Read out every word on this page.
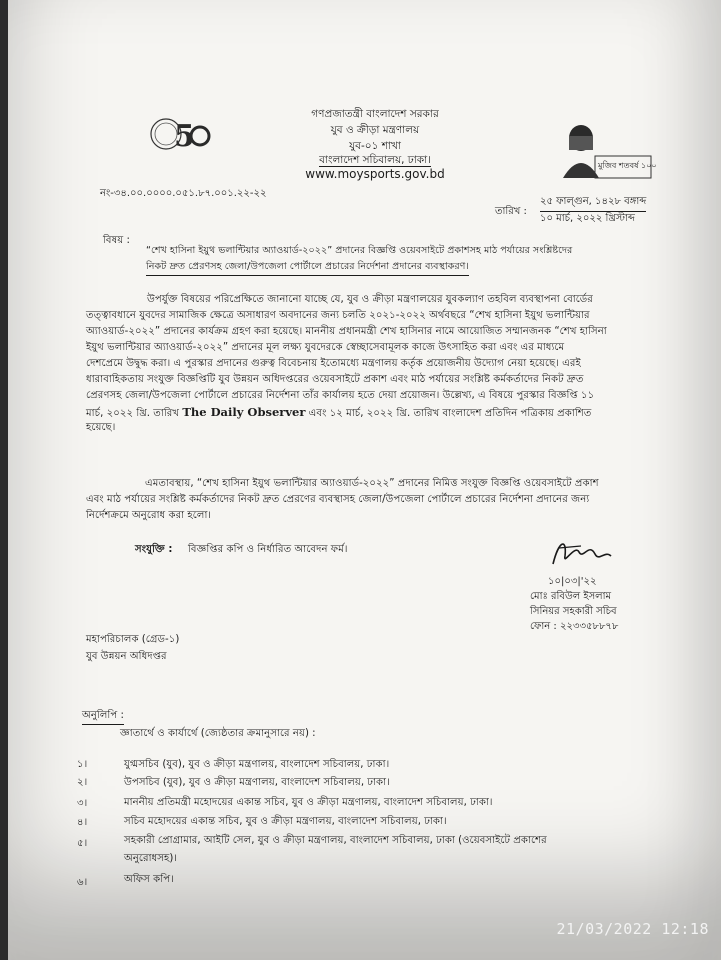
5
মুজিব শতবর্ষ ১০০
গণপ্রজাতন্ত্রী বাংলাদেশ সরকার
যুব ও ক্রীড়া মন্ত্রণালয়
যুব-০১ শাখা
বাংলাদেশ সচিবালয়, ঢাকা।
www.moysports.gov.bd
নং-৩৪.০০.০০০০.০৫১.৮৭.০০১.২২-২২
তারিখ :
২৫ ফাল্গুন, ১৪২৮ বঙ্গাব্দ
১০ মার্চ, ২০২২ খ্রিস্টাব্দ
বিষয় :
“শেখ হাসিনা ইয়ুথ ভলান্টিয়ার অ্যাওয়ার্ড-২০২২” প্রদানের বিজ্ঞপ্তি ওয়েবসাইটে প্রকাশসহ মাঠ পর্যায়ের সংশ্লিষ্টদের
নিকট দ্রুত প্রেরণসহ জেলা/উপজেলা পোর্টালে প্রচারের নির্দেশনা প্রদানের ব্যবস্থাকরণ।
উপর্যুক্ত বিষয়ের পরিপ্রেক্ষিতে জানানো যাচ্ছে যে, যুব ও ক্রীড়া মন্ত্রণালয়ের যুবকল্যাণ তহবিল ব্যবস্থাপনা বোর্ডের
তত্ত্বাবধানে যুবদের সামাজিক ক্ষেত্রে অসাধারণ অবদানের জন্য চলতি ২০২১-২০২২ অর্থবছরে “শেখ হাসিনা ইয়ুথ ভলান্টিয়ার
অ্যাওয়ার্ড-২০২২” প্রদানের কার্যক্রম গ্রহণ করা হয়েছে। মাননীয় প্রধানমন্ত্রী শেখ হাসিনার নামে আয়োজিত সম্মানজনক “শেখ হাসিনা
ইয়ুথ ভলান্টিয়ার অ্যাওয়ার্ড-২০২২” প্রদানের মূল লক্ষ্য যুবদেরকে স্বেচ্ছাসেবামূলক কাজে উৎসাহিত করা এবং এর মাধ্যমে
দেশপ্রেমে উদ্বুদ্ধ করা। এ পুরস্কার প্রদানের গুরুত্ব বিবেচনায় ইতোমধ্যে মন্ত্রণালয় কর্তৃক প্রয়োজনীয় উদ্যোগ নেয়া হয়েছে। এরই
ধারাবাহিকতায় সংযুক্ত বিজ্ঞপ্তিটি যুব উন্নয়ন অধিদপ্তরের ওয়েবসাইটে প্রকাশ এবং মাঠ পর্যায়ের সংশ্লিষ্ট কর্মকর্তাদের নিকট দ্রুত
প্রেরণসহ জেলা/উপজেলা পোর্টালে প্রচারের নির্দেশনা তাঁর কার্যালয় হতে দেয়া প্রয়োজন। উল্লেখ্য, এ বিষয়ে পুরস্কার বিজ্ঞপ্তি ১১
মার্চ, ২০২২ খ্রি. তারিখ The Daily Observer এবং ১২ মার্চ, ২০২২ খ্রি. তারিখ বাংলাদেশ প্রতিদিন পত্রিকায় প্রকাশিত
হয়েছে।
এমতাবস্থায়, “শেখ হাসিনা ইয়ুথ ভলান্টিয়ার অ্যাওয়ার্ড-২০২২” প্রদানের নিমিত্ত সংযুক্ত বিজ্ঞপ্তি ওয়েবসাইটে প্রকাশ
এবং মাঠ পর্যায়ের সংশ্লিষ্ট কর্মকর্তাদের নিকট দ্রুত প্রেরণের ব্যবস্থাসহ জেলা/উপজেলা পোর্টালে প্রচারের নির্দেশনা প্রদানের জন্য
নির্দেশক্রমে অনুরোধ করা হলো।
সংযুক্তি : বিজ্ঞপ্তির কপি ও নির্ধারিত আবেদন ফর্ম।
১০|০৩|'২২
মোঃ রবিউল ইসলাম
সিনিয়র সহকারী সচিব
ফোন : ২২৩৩৫৮৮৭৮
মহাপরিচালক (গ্রেড-১)
যুব উন্নয়ন অধিদপ্তর
অনুলিপি :
জ্ঞাতার্থে ও কার্যার্থে (জ্যেষ্ঠতার ক্রমানুসারে নয়) :
১।	যুগ্মসচিব (যুব), যুব ও ক্রীড়া মন্ত্রণালয়, বাংলাদেশ সচিবালয়, ঢাকা।
২।	উপসচিব (যুব), যুব ও ক্রীড়া মন্ত্রণালয়, বাংলাদেশ সচিবালয়, ঢাকা।
৩।	মাননীয় প্রতিমন্ত্রী মহোদয়ের একান্ত সচিব, যুব ও ক্রীড়া মন্ত্রণালয়, বাংলাদেশ সচিবালয়, ঢাকা।
৪।	সচিব মহোদয়ের একান্ত সচিব, যুব ও ক্রীড়া মন্ত্রণালয়, বাংলাদেশ সচিবালয়, ঢাকা।
৫।	সহকারী প্রোগ্রামার, আইটি সেল, যুব ও ক্রীড়া মন্ত্রণালয়, বাংলাদেশ সচিবালয়, ঢাকা (ওয়েবসাইটে প্রকাশের
অনুরোধসহ)।
৬।	অফিস কপি।
21/03/2022 12:18
